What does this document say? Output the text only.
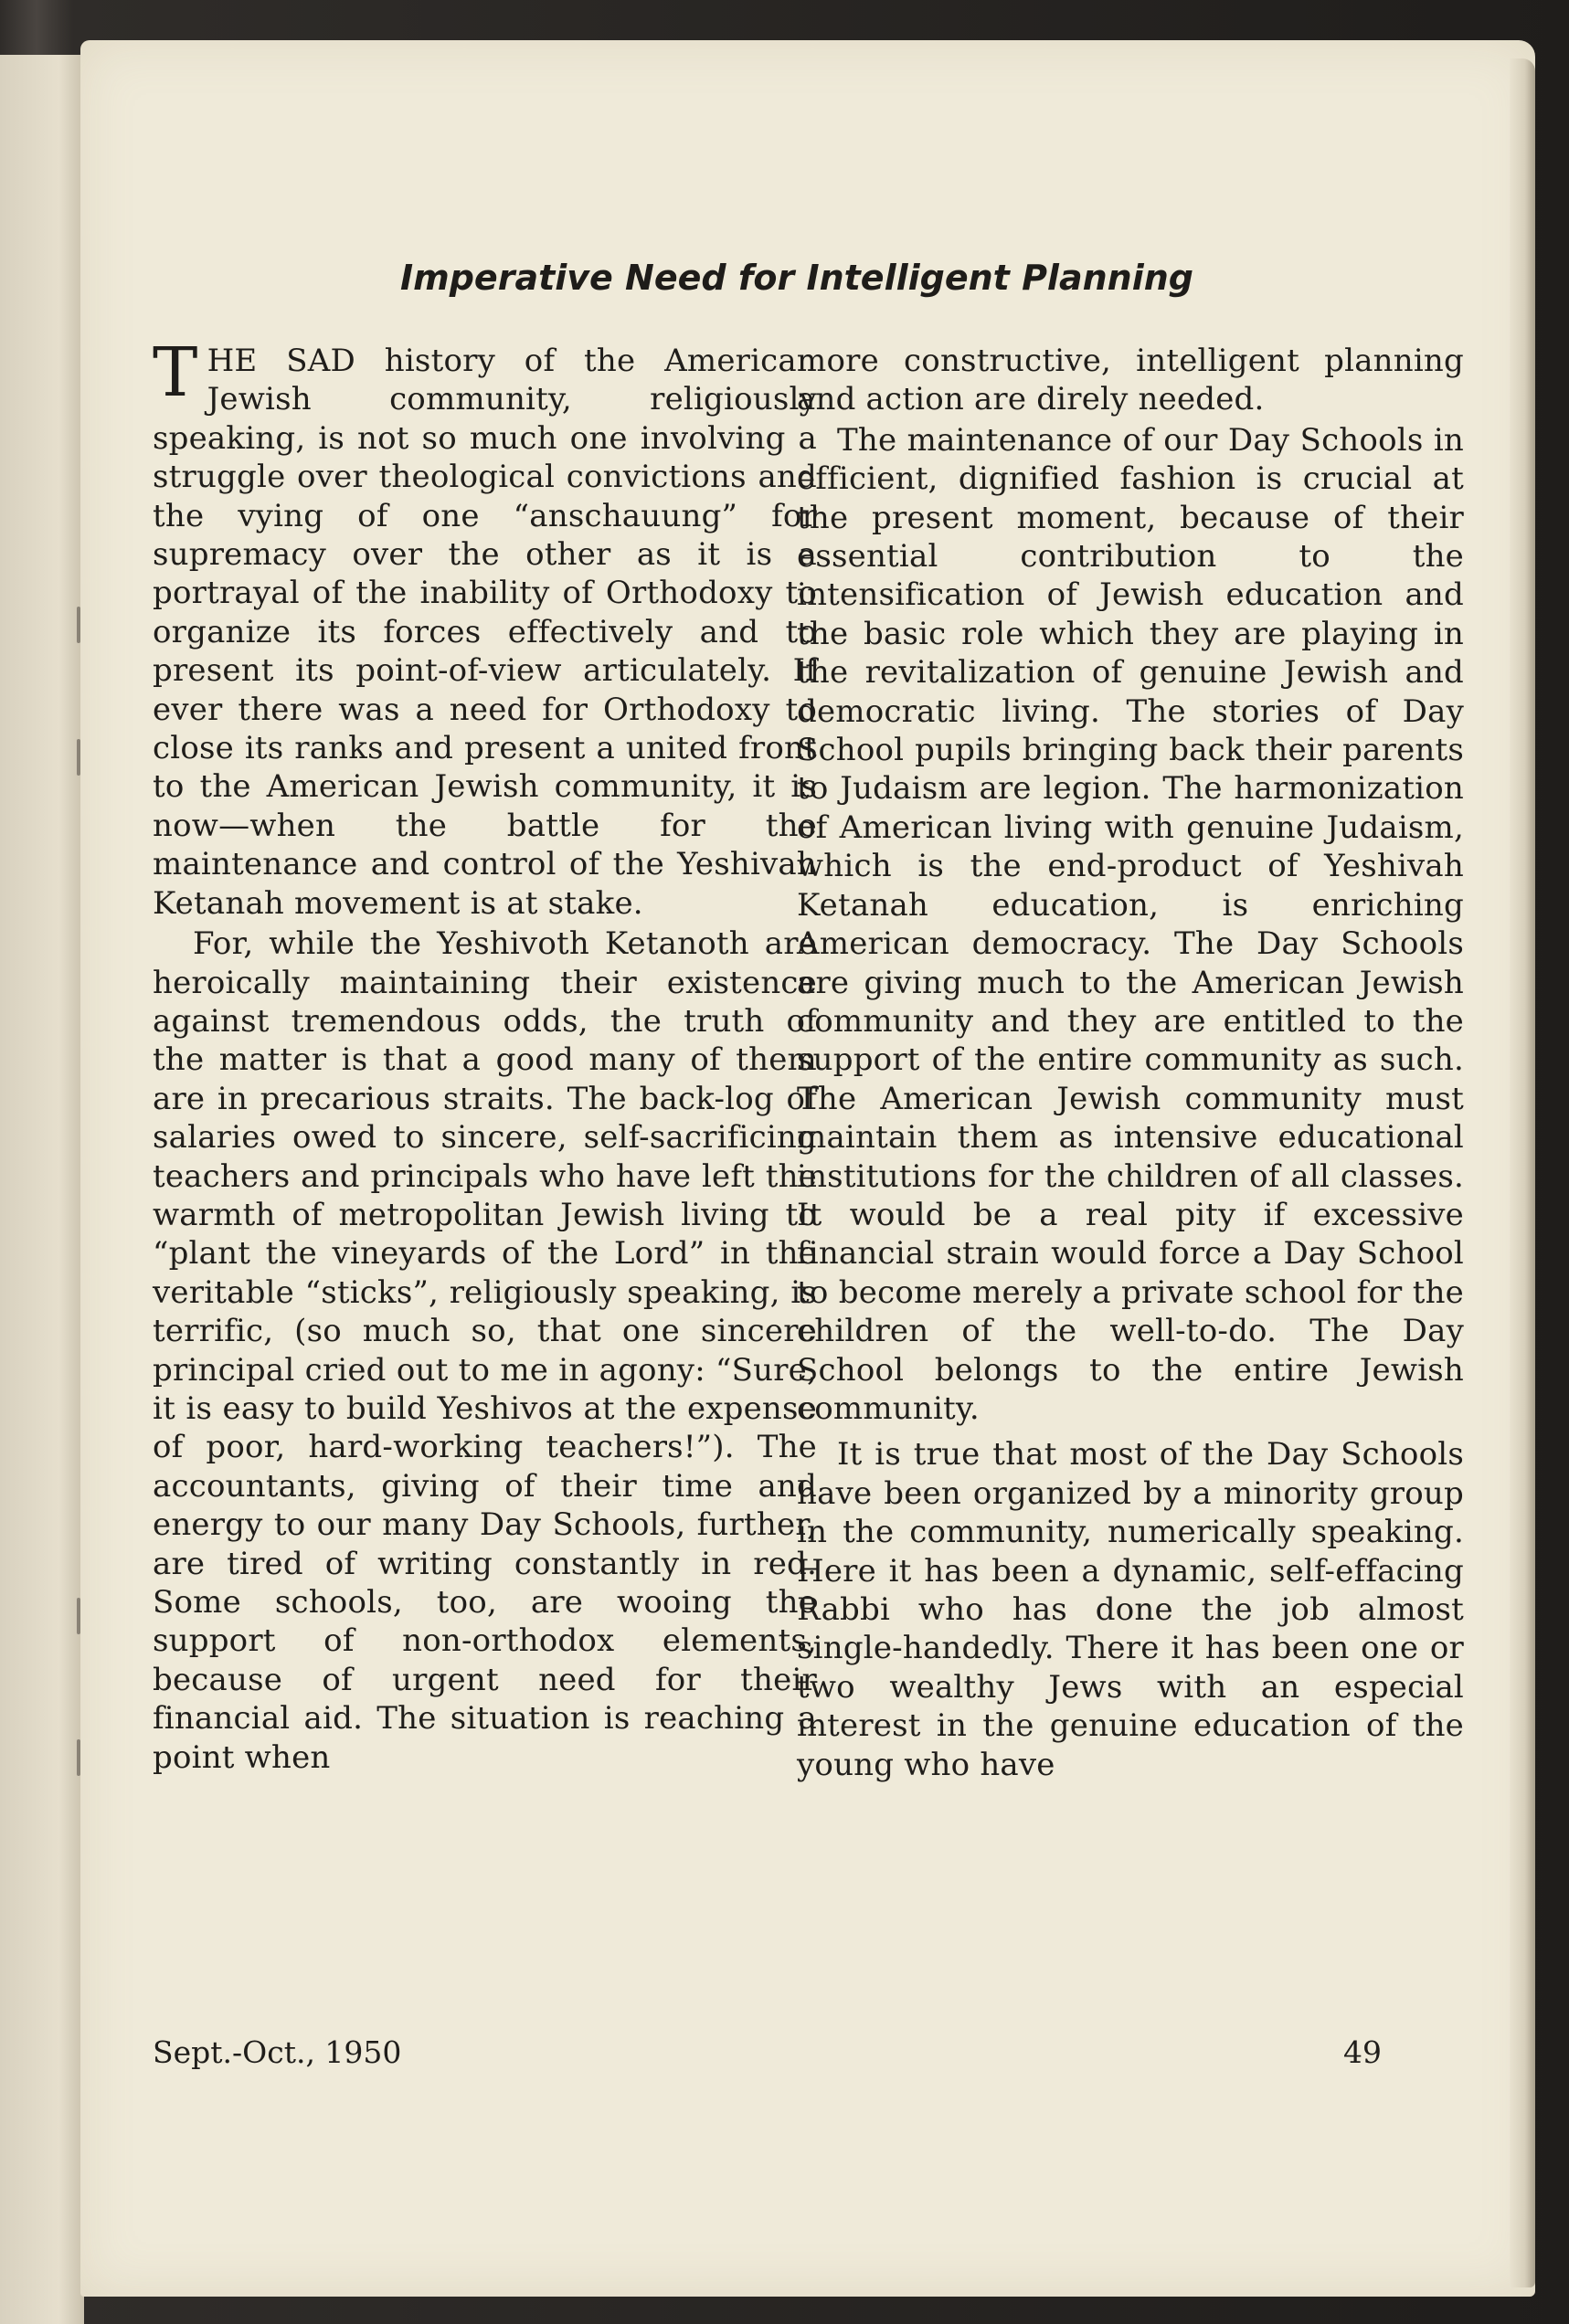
Imperative Need for Intelligent Planning

THE SAD history of the American Jewish community, religiously speaking, is not so much one involving a struggle over theological convictions and the vying of one “anschauung” for supremacy over the other as it is a portrayal of the inability of Orthodoxy to organize its forces effectively and to present its point-of-view articulately. If ever there was a need for Orthodoxy to close its ranks and present a united front to the American Jewish community, it is now—when the battle for the maintenance and control of the Yeshivah Ketanah movement is at stake.

For, while the Yeshivoth Ketanoth are heroically maintaining their existence against tremendous odds, the truth of the matter is that a good many of them are in precarious straits. The back-log of salaries owed to sincere, self-sacrificing teachers and principals who have left the warmth of metropolitan Jewish living to “plant the vineyards of the Lord” in the veritable “sticks”, religiously speaking, is terrific, (so much so, that one sincere principal cried out to me in agony: “Sure, it is easy to build Yeshivos at the expense of poor, hard-working teachers!”). The accountants, giving of their time and energy to our many Day Schools, further, are tired of writing constantly in red. Some schools, too, are wooing the support of non-orthodox elements, because of urgent need for their financial aid. The situation is reaching a point when

more constructive, intelligent planning and action are direly needed.

The maintenance of our Day Schools in efficient, dignified fashion is crucial at the present moment, because of their essential contribution to the intensification of Jewish education and the basic role which they are playing in the revitalization of genuine Jewish and democratic living. The stories of Day School pupils bringing back their parents to Judaism are legion. The harmonization of American living with genuine Judaism, which is the end-product of Yeshivah Ketanah education, is enriching American democracy. The Day Schools are giving much to the American Jewish community and they are entitled to the support of the entire community as such. The American Jewish community must maintain them as intensive educational institutions for the children of all classes. It would be a real pity if excessive financial strain would force a Day School to become merely a private school for the children of the well-to-do. The Day School belongs to the entire Jewish community.

It is true that most of the Day Schools have been organized by a minority group in the community, numerically speaking. Here it has been a dynamic, self-effacing Rabbi who has done the job almost single-handedly. There it has been one or two wealthy Jews with an especial interest in the genuine education of the young who have

Sept.-Oct., 1950	49
